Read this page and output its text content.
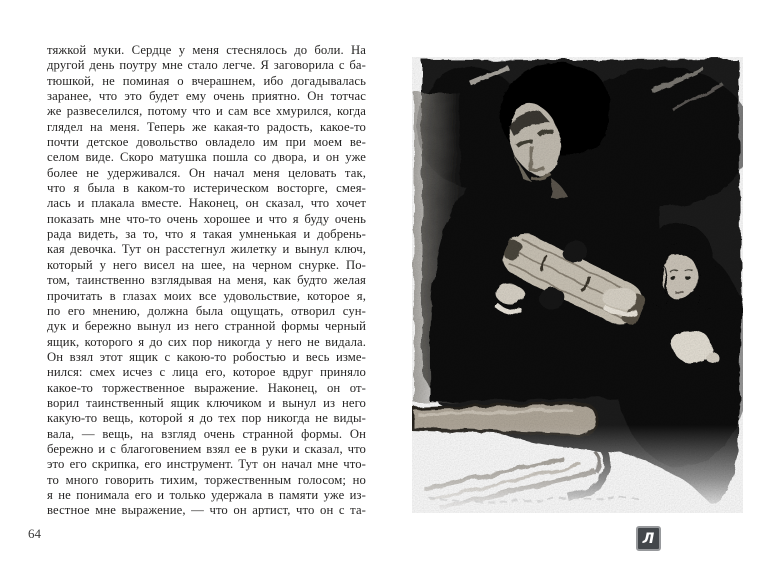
тяжкой муки. Сердце у меня стеснялось до боли. На
другой день поутру мне стало легче. Я заговорила с ба-
тюшкой, не поминая о вчерашнем, ибо догадывалась
заранее, что это будет ему очень приятно. Он тотчас
же развеселился, потому что и сам все хмурился, когда
глядел на меня. Теперь же какая-то радость, какое-то
почти детское довольство овладело им при моем ве-
селом виде. Скоро матушка пошла со двора, и он уже
более не удерживался. Он начал меня целовать так,
что я была в каком-то истерическом восторге, смея-
лась и плакала вместе. Наконец, он сказал, что хочет
показать мне что-то очень хорошее и что я буду очень
рада видеть, за то, что я такая умненькая и добрень-
кая девочка. Тут он расстегнул жилетку и вынул ключ,
который у него висел на шее, на черном снурке. По-
том, таинственно взглядывая на меня, как будто желая
прочитать в глазах моих все удовольствие, которое я,
по его мнению, должна была ощущать, отворил сун-
дук и бережно вынул из него странной формы черный
ящик, которого я до сих пор никогда у него не видала.
Он взял этот ящик с какою-то робостью и весь изме-
нился: смех исчез с лица его, которое вдруг приняло
какое-то торжественное выражение. Наконец, он от-
ворил таинственный ящик ключиком и вынул из него
какую-то вещь, которой я до тех пор никогда не виды-
вала, — вещь, на взгляд очень странной формы. Он
бережно и с благоговением взял ее в руки и сказал, что
это его скрипка, его инструмент. Тут он начал мне что-
то много говорить тихим, торжественным голосом; но
я не понимала его и только удержала в памяти уже из-
вестное мне выражение, — что он артист, что он с та-
64	Л
